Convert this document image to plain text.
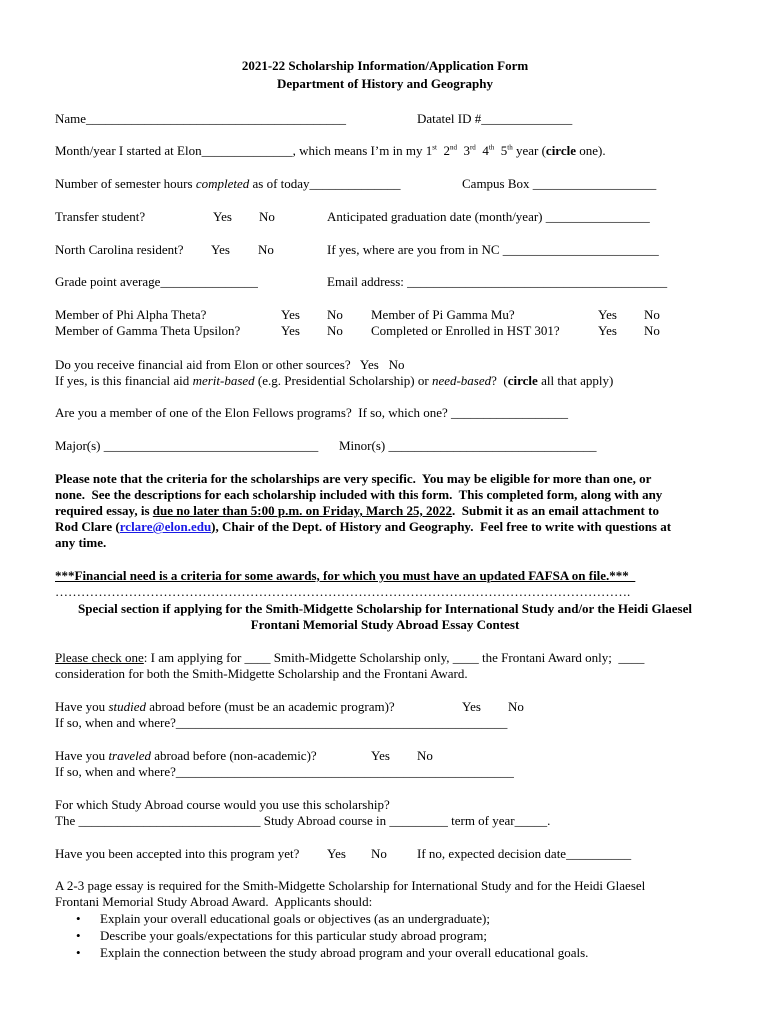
2021-22 Scholarship Information/Application Form
Department of History and Geography
Name________________________________________	Datatel ID #______________
Month/year I started at Elon______________, which means I’m in my 1st 2nd 3rd 4th 5th year (circle one).
Number of semester hours completed as of today______________	Campus Box ___________________
Transfer student?	Yes No	Anticipated graduation date (month/year) ________________
North Carolina resident? Yes No	If yes, where are you from in NC ________________________
Grade point average_______________	Email address: ________________________________________
Member of Phi Alpha Theta?	Yes No Member of Pi Gamma Mu?	Yes No
Member of Gamma Theta Upsilon?	Yes No Completed or Enrolled in HST 301?	Yes No
Do you receive financial aid from Elon or other sources? Yes No
If yes, is this financial aid merit-based (e.g. Presidential Scholarship) or need-based?  (circle all that apply)
Are you a member of one of the Elon Fellows programs?  If so, which one? __________________
Major(s) _________________________________ Minor(s) ________________________________
Please note that the criteria for the scholarships are very specific.  You may be eligible for more than one, or
none.  See the descriptions for each scholarship included with this form.  This completed form, along with any
required essay, is due no later than 5:00 p.m. on Friday, March 25, 2022.  Submit it as an email attachment to
Rod Clare (rclare@elon.edu), Chair of the Dept. of History and Geography.  Feel free to write with questions at
any time.
***Financial need is a criteria for some awards, for which you must have an updated FAFSA on file.***
…………………………………………………………………………………………………………………….
Special section if applying for the Smith-Midgette Scholarship for International Study and/or the Heidi Glaesel
Frontani Memorial Study Abroad Essay Contest
Please check one: I am applying for ____ Smith-Midgette Scholarship only, ____ the Frontani Award only;  ____
consideration for both the Smith-Midgette Scholarship and the Frontani Award.
Have you studied abroad before (must be an academic program)?	Yes No
If so, when and where?___________________________________________________
Have you traveled abroad before (non-academic)?	Yes No
If so, when and where?____________________________________________________
For which Study Abroad course would you use this scholarship?
The ____________________________ Study Abroad course in _________ term of year_____.
Have you been accepted into this program yet? Yes No If no, expected decision date__________
A 2-3 page essay is required for the Smith-Midgette Scholarship for International Study and for the Heidi Glaesel
Frontani Memorial Study Abroad Award.  Applicants should:
• Explain your overall educational goals or objectives (as an undergraduate);
• Describe your goals/expectations for this particular study abroad program;
• Explain the connection between the study abroad program and your overall educational goals.
